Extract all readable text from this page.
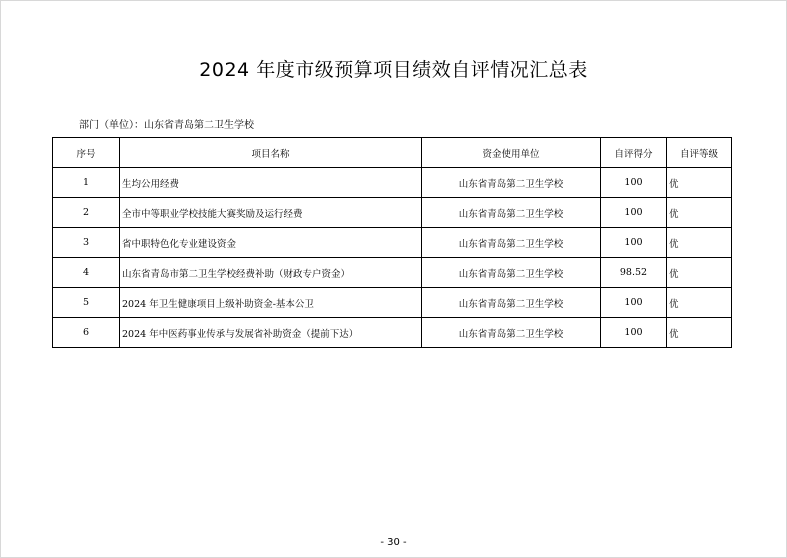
2024 年度市级预算项目绩效自评情况汇总表
部门（单位）：山东省青岛第二卫生学校
序号	项目名称	资金使用单位	自评得分	自评等级
1	生均公用经费	山东省青岛第二卫生学校	100	优
2	全市中等职业学校技能大赛奖励及运行经费	山东省青岛第二卫生学校	100	优
3	省中职特色化专业建设资金	山东省青岛第二卫生学校	100	优
4	山东省青岛市第二卫生学校经费补助（财政专户资金）	山东省青岛第二卫生学校	98.52	优
5	2024 年卫生健康项目上级补助资金-基本公卫	山东省青岛第二卫生学校	100	优
6	2024 年中医药事业传承与发展省补助资金（提前下达）	山东省青岛第二卫生学校	100	优
- 30 -
